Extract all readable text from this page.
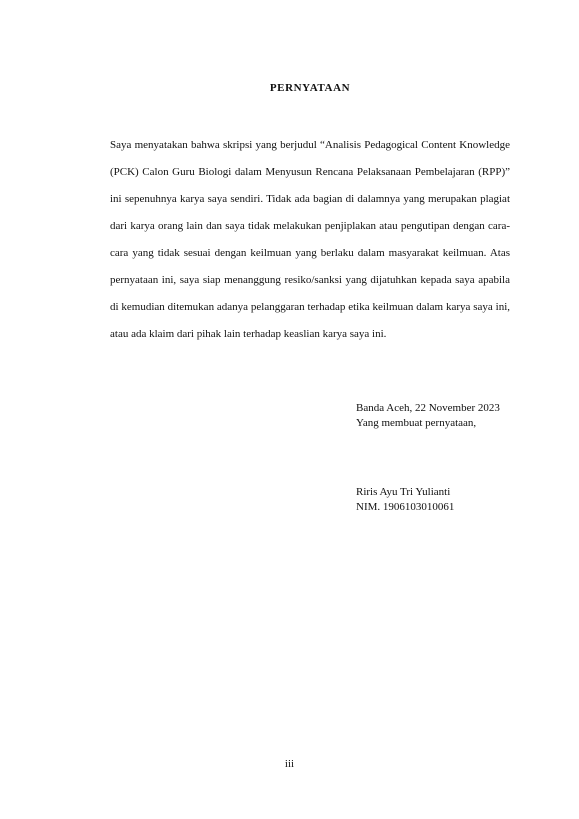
PERNYATAAN

Saya menyatakan bahwa skripsi yang berjudul “Analisis Pedagogical Content Knowledge (PCK) Calon Guru Biologi dalam Menyusun Rencana Pelaksanaan Pembelajaran (RPP)” ini sepenuhnya karya saya sendiri. Tidak ada bagian di dalamnya yang merupakan plagiat dari karya orang lain dan saya tidak melakukan penjiplakan atau pengutipan dengan cara-cara yang tidak sesuai dengan keilmuan yang berlaku dalam masyarakat keilmuan. Atas pernyataan ini, saya siap menanggung resiko/sanksi yang dijatuhkan kepada saya apabila di kemudian ditemukan adanya pelanggaran terhadap etika keilmuan dalam karya saya ini, atau ada klaim dari pihak lain terhadap keaslian karya saya ini.

Banda Aceh, 22 November 2023
Yang membuat pernyataan,
Riris Ayu Tri Yulianti
NIM. 1906103010061
iii
